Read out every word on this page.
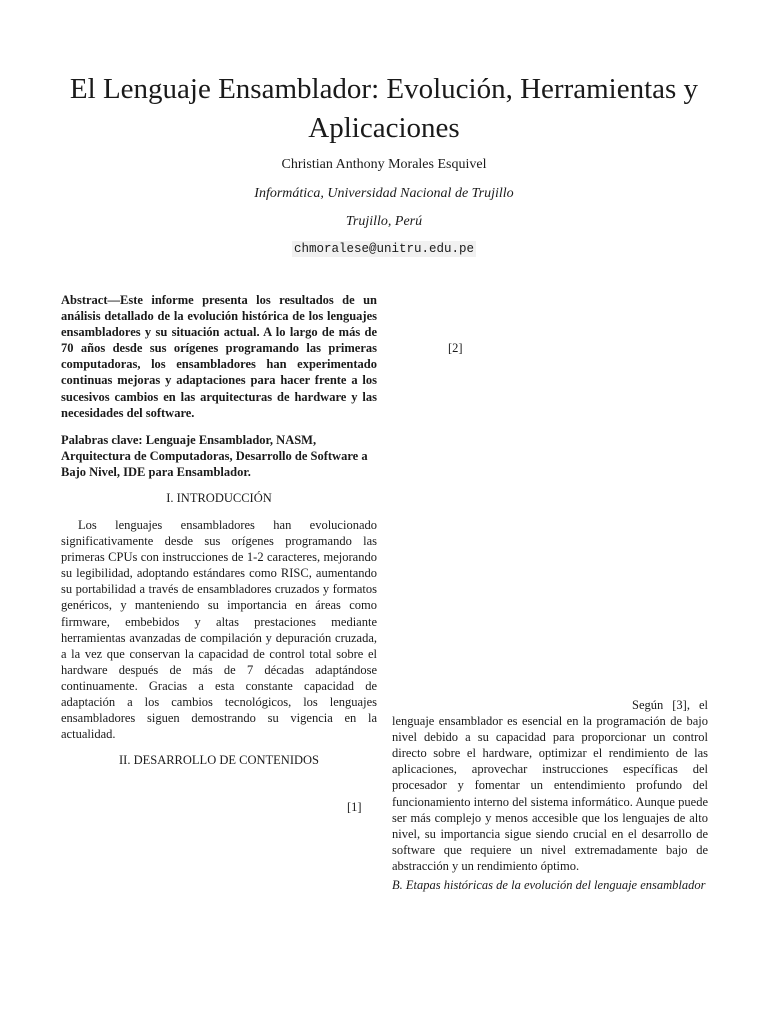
El Lenguaje Ensamblador: Evolución, Herramientas y Aplicaciones
Christian Anthony Morales Esquivel
Informática, Universidad Nacional de Trujillo
Trujillo, Perú
chmoralese@unitru.edu.pe

Abstract—Este informe presenta los resultados de un análisis detallado de la evolución histórica de los lenguajes ensambladores y su situación actual. A lo largo de más de 70 años desde sus orígenes programando las primeras computadoras, los ensambladores han experimentado continuas mejoras y adaptaciones para hacer frente a los sucesivos cambios en las arquitecturas de hardware y las necesidades del software.

Palabras clave: Lenguaje Ensamblador, NASM, Arquitectura de Computadoras, Desarrollo de Software a Bajo Nivel, IDE para Ensamblador.

I. INTRODUCCIÓN

Los lenguajes ensambladores han evolucionado significativamente desde sus orígenes programando las primeras CPUs con instrucciones de 1-2 caracteres, mejorando su legibilidad, adoptando estándares como RISC, aumentando su portabilidad a través de ensambladores cruzados y formatos genéricos, y manteniendo su importancia en áreas como firmware, embebidos y altas prestaciones mediante herramientas avanzadas de compilación y depuración cruzada, a la vez que conservan la capacidad de control total sobre el hardware después de más de 7 décadas adaptándose continuamente. Gracias a esta constante capacidad de adaptación a los cambios tecnológicos, los lenguajes ensambladores siguen demostrando su vigencia en la actualidad.

II. DESARROLLO DE CONTENIDOS
[1]
[2]

Según [3], el lenguaje ensamblador es esencial en la programación de bajo nivel debido a su capacidad para proporcionar un control directo sobre el hardware, optimizar el rendimiento de las aplicaciones, aprovechar instrucciones específicas del procesador y fomentar un entendimiento profundo del funcionamiento interno del sistema informático. Aunque puede ser más complejo y menos accesible que los lenguajes de alto nivel, su importancia sigue siendo crucial en el desarrollo de software que requiere un nivel extremadamente bajo de abstracción y un rendimiento óptimo.

B. Etapas históricas de la evolución del lenguaje ensamblador
